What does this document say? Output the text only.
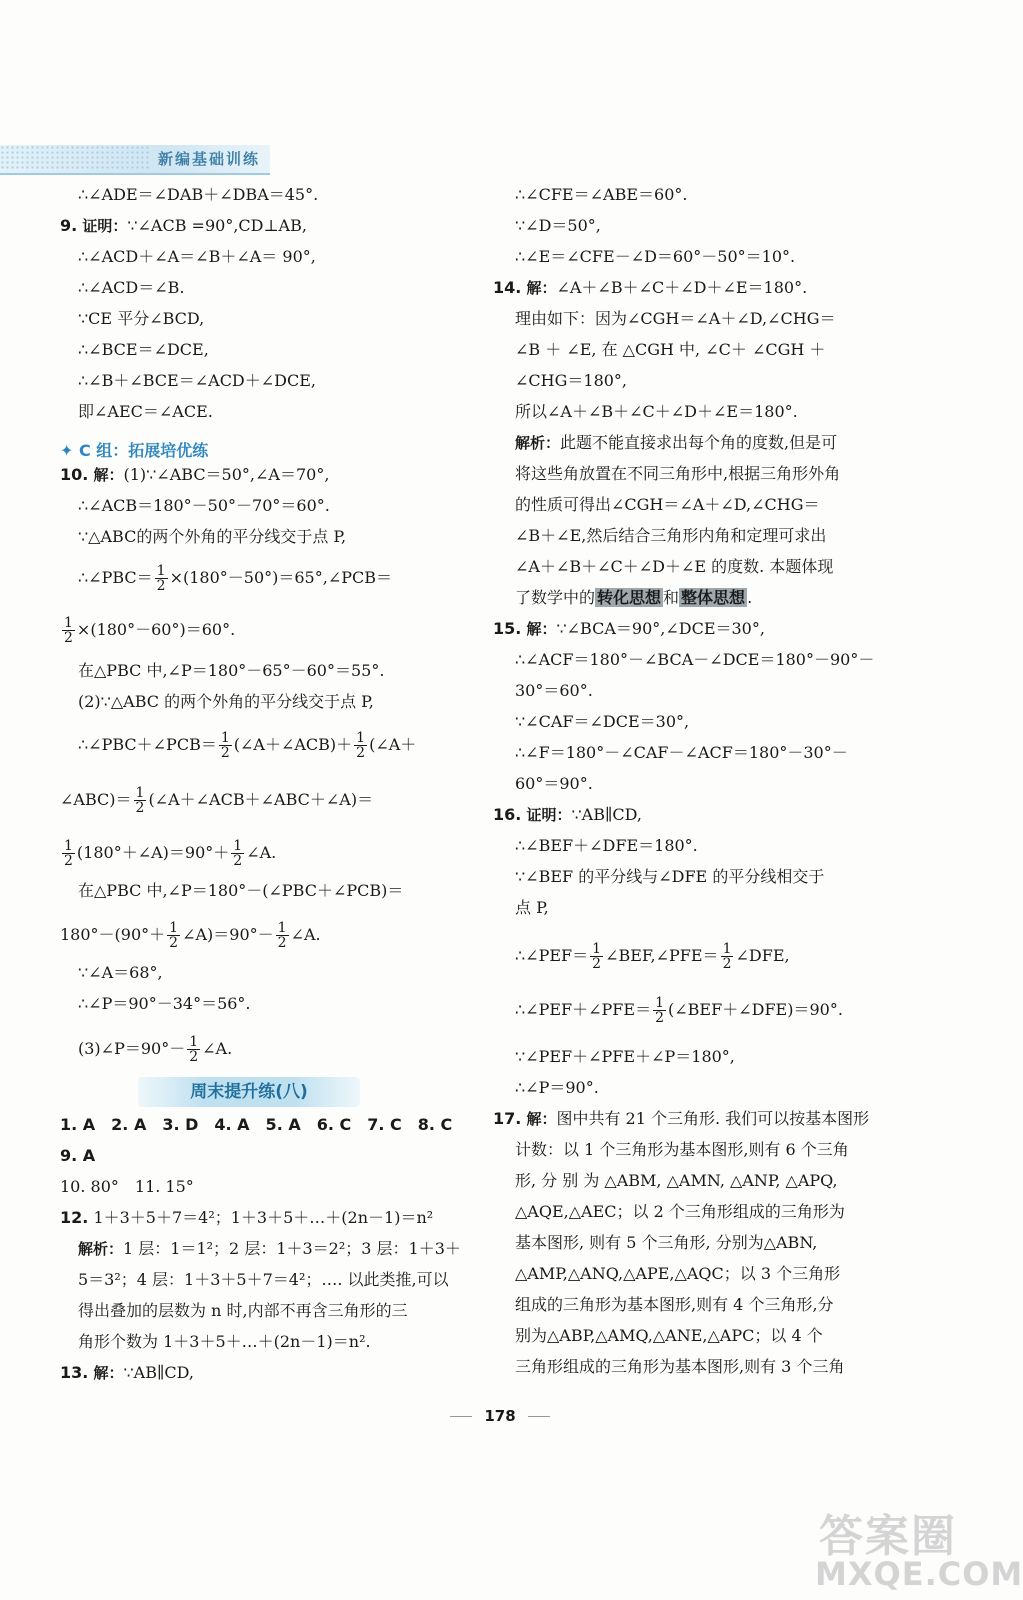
新编基础训练
∴∠ADE＝∠DAB＋∠DBA＝45°.
9. 证明：∵∠ACB =90°,CD⊥AB,
∴∠ACD＋∠A＝∠B＋∠A＝ 90°,
∴∠ACD＝∠B.
∵CE 平分∠BCD,
∴∠BCE＝∠DCE,
∴∠B＋∠BCE＝∠ACD＋∠DCE,
即∠AEC＝∠ACE.
✦ C 组：拓展培优练
10. 解：(1)∵∠ABC＝50°,∠A＝70°,
∴∠ACB＝180°－50°－70°＝60°.
∵△ABC的两个外角的平分线交于点 P,
∴∠PBC＝ $\frac{1}{2}$ ×(180°－50°)＝65°,∠PCB＝
$\frac{1}{2} \times(180^\circ-60^\circ)=60^\circ$.
在△PBC 中,∠P＝180°－65°－60°＝55°.
(2)∵△ABC 的两个外角的平分线交于点 P,
∴∠PBC＋∠PCB＝ $\frac{1}{2}$ (∠A＋∠ACB)＋ $\frac{1}{2}$ (∠A＋
∠ABC)＝ $\frac{1}{2}$ (∠A＋∠ACB＋∠ABC＋∠A)＝
$\frac{1}{2}$ (180°＋∠A)＝90°＋ $\frac{1}{2}$ ∠A.
在△PBC 中,∠P＝180°－(∠PBC＋∠PCB)＝
$180^\circ-(90^\circ+ \frac{1}{2}$ ∠A)＝90°－ $\frac{1}{2}$ ∠A.
∵∠A＝68°,
∴∠P＝90°－34°＝56°.
(3)∠P＝90°－ $\frac{1}{2}$ ∠A.
周末提升练(八)
1. A　2. A　3. D　4. A　5. A　6. C　7. C　8. C
9. A
10. 80°　11. 15°
12. 1＋3＋5＋7＝4²；1＋3＋5＋…＋(2n－1)＝n²
解析：1 层：1＝1²；2 层：1＋3＝2²；3 层：1＋3＋
5＝3²；4 层：1＋3＋5＋7＝4²；…. 以此类推,可以
得出叠加的层数为 n 时,内部不再含三角形的三
角形个数为 1＋3＋5＋…＋(2n－1)＝n².
13. 解：∵AB∥CD,
∴∠CFE＝∠ABE＝60°.
∵∠D＝50°,
∴∠E＝∠CFE－∠D＝60°－50°＝10°.
14. 解：∠A＋∠B＋∠C＋∠D＋∠E＝180°.
理由如下：因为∠CGH＝∠A＋∠D,∠CHG＝
∠B ＋ ∠E, 在 △CGH 中, ∠C＋ ∠CGH ＋
∠CHG＝180°,
所以∠A＋∠B＋∠C＋∠D＋∠E＝180°.
解析：此题不能直接求出每个角的度数,但是可
将这些角放置在不同三角形中,根据三角形外角
的性质可得出∠CGH＝∠A＋∠D,∠CHG＝
∠B＋∠E,然后结合三角形内角和定理可求出
∠A＋∠B＋∠C＋∠D＋∠E 的度数. 本题体现
了数学中的 转化思想 和 整体思想 .
15. 解：∵∠BCA＝90°,∠DCE＝30°,
∴∠ACF＝180°－∠BCA－∠DCE＝180°－90°－
30°＝60°.
∵∠CAF＝∠DCE＝30°,
∴∠F＝180°－∠CAF－∠ACF＝180°－30°－
60°＝90°.
16. 证明：∵AB∥CD,
∴∠BEF＋∠DFE＝180°.
∵∠BEF 的平分线与∠DFE 的平分线相交于
点 P,
∴∠PEF＝ $\frac{1}{2}$ ∠BEF,∠PFE＝ $\frac{1}{2}$ ∠DFE,
∴∠PEF＋∠PFE＝ $\frac{1}{2}$ (∠BEF＋∠DFE)＝90°.
∵∠PEF＋∠PFE＋∠P＝180°,
∴∠P＝90°.
17. 解：图中共有 21 个三角形. 我们可以按基本图形
计数：以 1 个三角形为基本图形,则有 6 个三角
形, 分 别 为 △ABM, △AMN, △ANP, △APQ,
△AQE,△AEC；以 2 个三角形组成的三角形为
基本图形, 则有 5 个三角形, 分别为△ABN,
△AMP,△ANQ,△APE,△AQC；以 3 个三角形
组成的三角形为基本图形,则有 4 个三角形,分
别为△ABP,△AMQ,△ANE,△APC；以 4 个
三角形组成的三角形为基本图形,则有 3 个三角
178
答案圈
MXQE.COM
